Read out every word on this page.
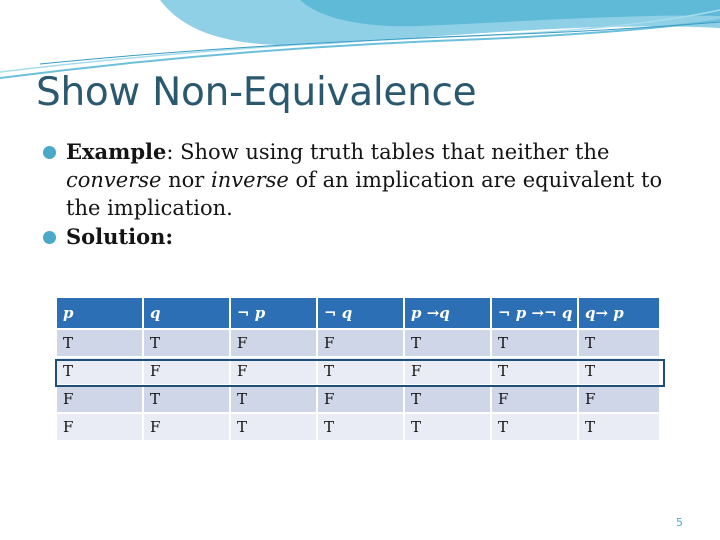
Show Non-Equivalence

Example: Show using truth tables that neither the converse nor inverse of an implication are equivalent to the implication.

Solution:

p	q	¬ p	¬ q	p →q	¬ p →¬ q	q→ p
T	T	F	F	T	T	T
T	F	F	T	F	T	T
F	T	T	F	T	F	F
F	F	T	T	T	T	T
5
